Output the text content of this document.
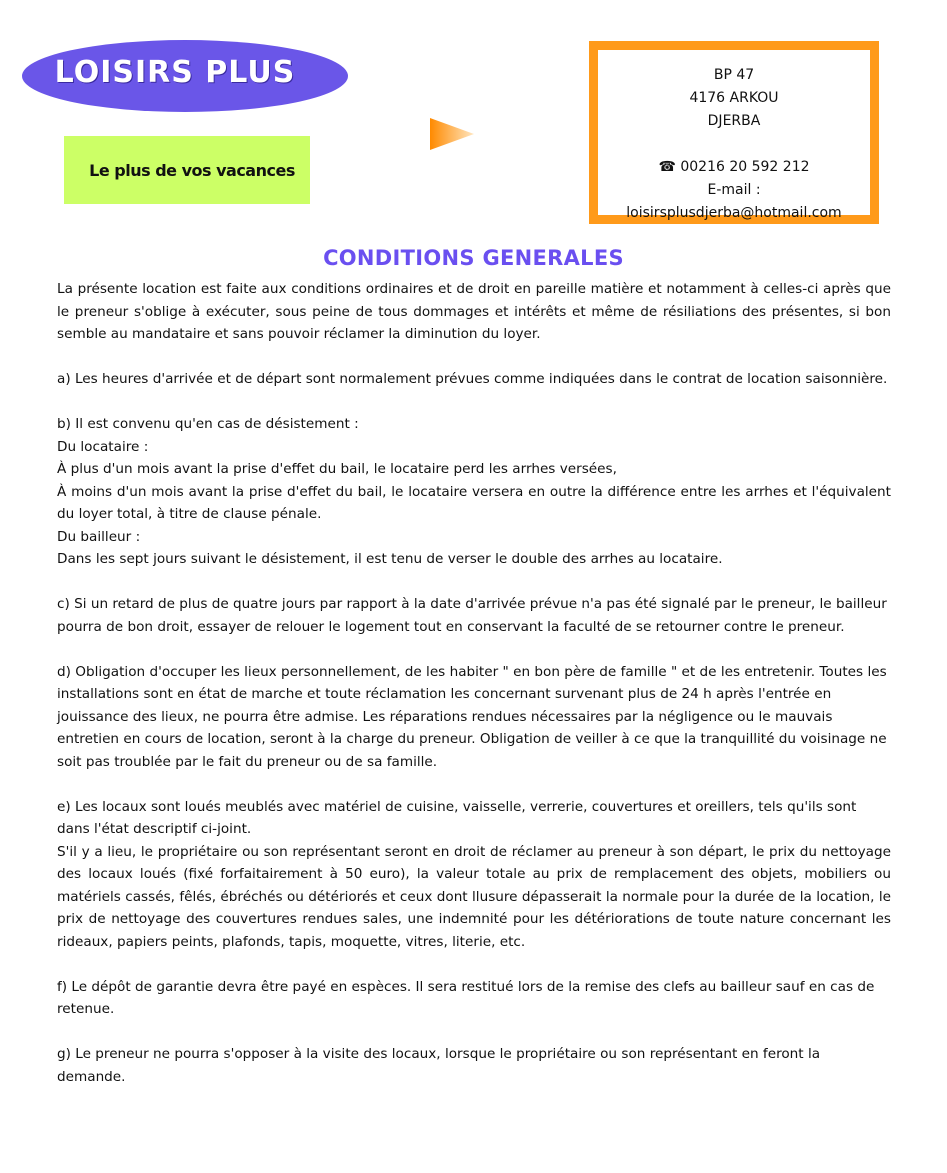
LOISIRS PLUS
Le plus de vos vacances
BP 47
4176 ARKOU
DJERBA
☎ 00216 20 592 212
E-mail :
loisirsplusdjerba@hotmail.com
CONDITIONS GENERALES

La présente location est faite aux conditions ordinaires et de droit en pareille matière et notamment à celles-ci après que le preneur s'oblige à exécuter, sous peine de tous dommages et intérêts et même de résiliations des présentes, si bon semble au mandataire et sans pouvoir réclamer la diminution du loyer.

a) Les heures d'arrivée et de départ sont normalement prévues comme indiquées dans le contrat de location saisonnière.

b) Il est convenu qu'en cas de désistement :
Du locataire :
À plus d'un mois avant la prise d'effet du bail, le locataire perd les arrhes versées,
À moins d'un mois avant la prise d'effet du bail, le locataire versera en outre la différence entre les arrhes et l'équivalent du loyer total, à titre de clause pénale.
Du bailleur :
Dans les sept jours suivant le désistement, il est tenu de verser le double des arrhes au locataire.

c) Si un retard de plus de quatre jours par rapport à la date d'arrivée prévue n'a pas été signalé par le preneur, le bailleur pourra de bon droit, essayer de relouer le logement tout en conservant la faculté de se retourner contre le preneur.

d) Obligation d'occuper les lieux personnellement, de les habiter " en bon père de famille " et de les entretenir. Toutes les installations sont en état de marche et toute réclamation les concernant survenant plus de 24 h après l'entrée en jouissance des lieux, ne pourra être admise. Les réparations rendues nécessaires par la négligence ou le mauvais entretien en cours de location, seront à la charge du preneur. Obligation de veiller à ce que la tranquillité du voisinage ne soit pas troublée par le fait du preneur ou de sa famille.

e) Les locaux sont loués meublés avec matériel de cuisine, vaisselle, verrerie, couvertures et oreillers, tels qu'ils sont dans l'état descriptif ci-joint.
S'il y a lieu, le propriétaire ou son représentant seront en droit de réclamer au preneur à son départ, le prix du nettoyage des locaux loués (fixé forfaitairement à 50 euro), la valeur totale au prix de remplacement des objets, mobiliers ou matériels cassés, fêlés, ébréchés ou détériorés et ceux dont llusure dépasserait la normale pour la durée de la location, le prix de nettoyage des couvertures rendues sales, une indemnité pour les détériorations de toute nature concernant les rideaux, papiers peints, plafonds, tapis, moquette, vitres, literie, etc.

f) Le dépôt de garantie devra être payé en espèces. Il sera restitué lors de la remise des clefs au bailleur sauf en cas de retenue.

g) Le preneur ne pourra s'opposer à la visite des locaux, lorsque le propriétaire ou son représentant en feront la demande.
